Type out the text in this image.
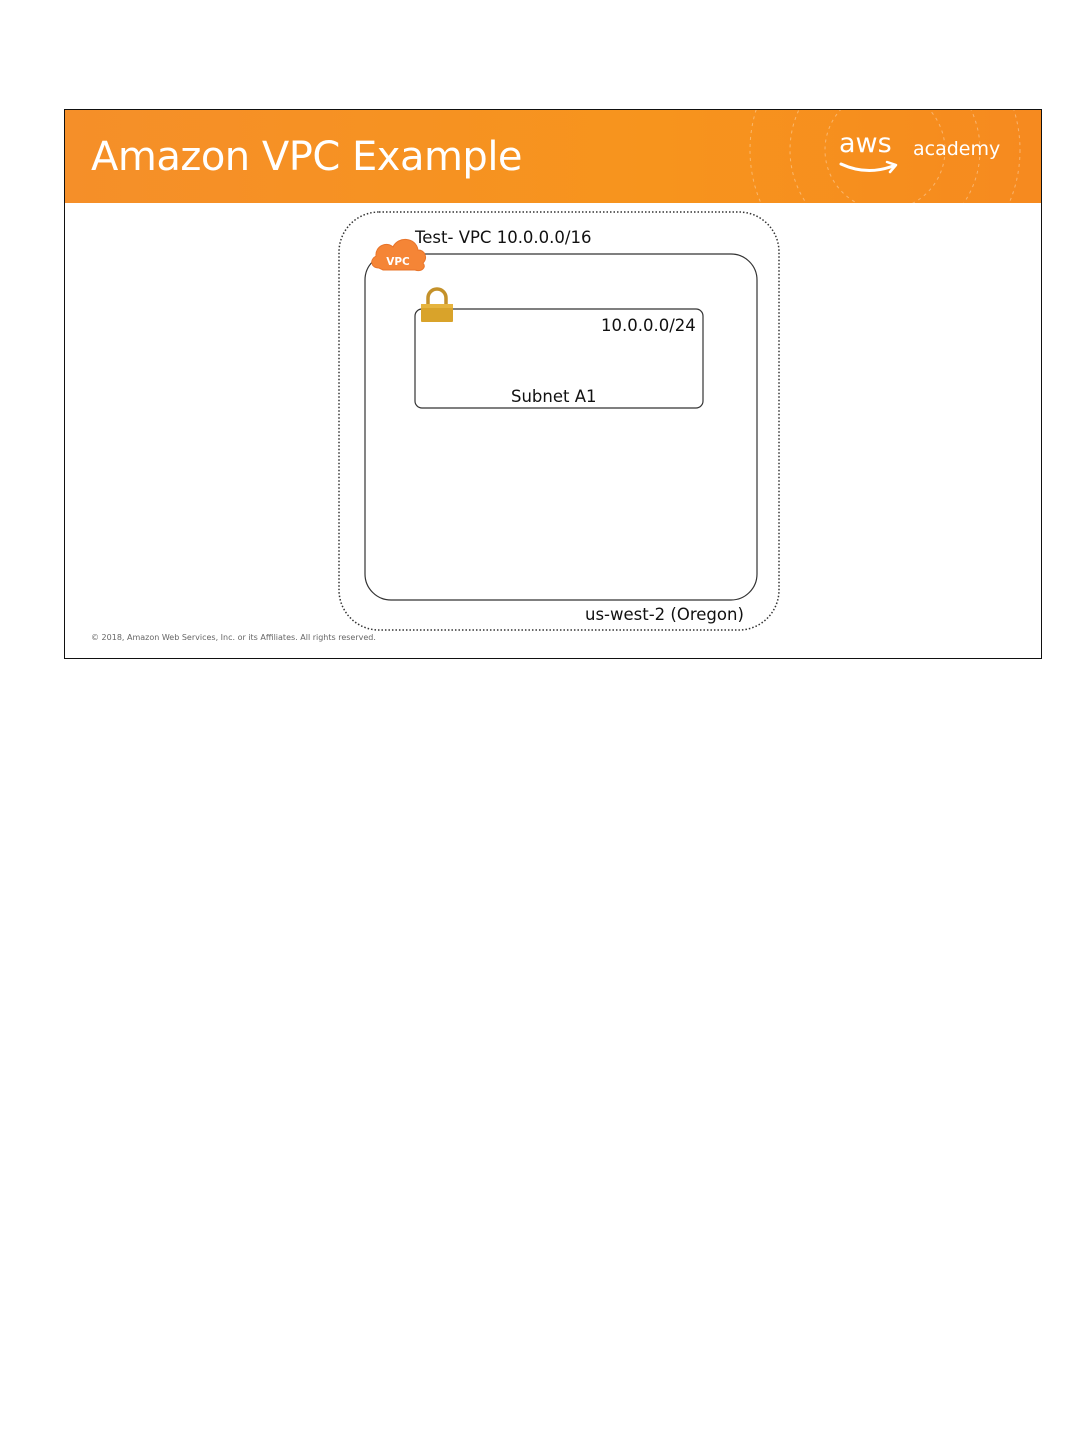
Amazon VPC Example	aws academy
VPC
Test- VPC 10.0.0.0/16
10.0.0.0/24
Subnet A1
us-west-2 (Oregon)
© 2018, Amazon Web Services, Inc. or its Affiliates. All rights reserved.
